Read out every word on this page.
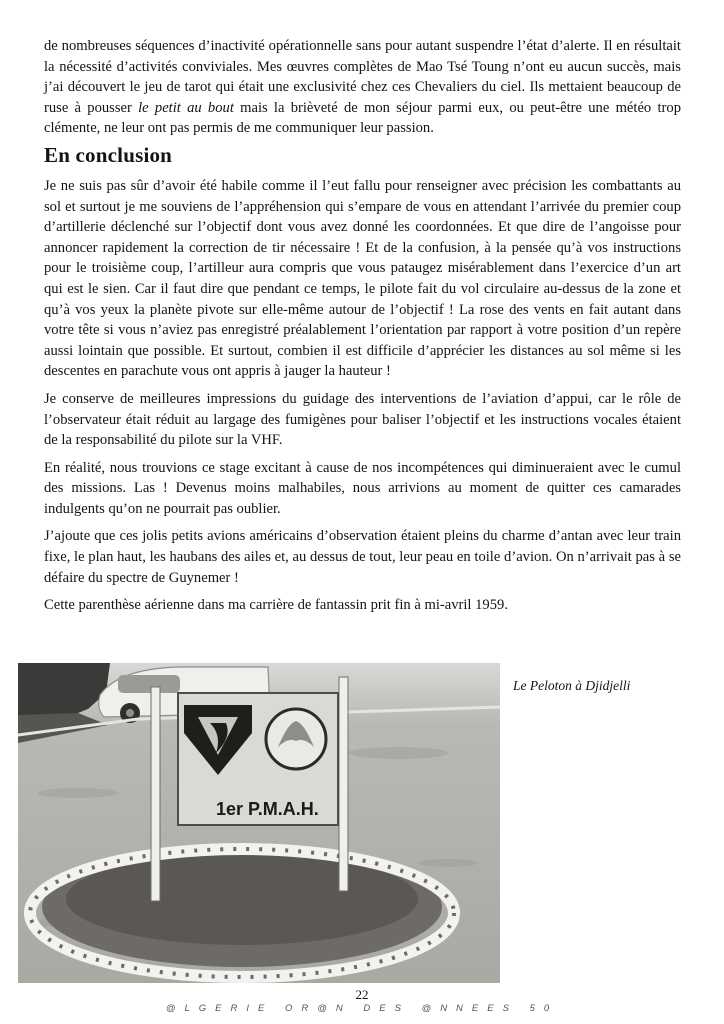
de nombreuses séquences d’inactivité opérationnelle sans pour autant suspendre l’état d’alerte. Il en résultait la nécessité d’activités conviviales. Mes œuvres complètes de Mao Tsé Toung n’ont eu aucun succès, mais j’ai découvert le jeu de tarot qui était une exclusivité chez ces Chevaliers du ciel. Ils mettaient beaucoup de ruse à pousser le petit au bout mais la brièveté de mon séjour parmi eux, ou peut-être une météo trop clémente, ne leur ont pas permis de me communiquer leur passion.

En conclusion

Je ne suis pas sûr d’avoir été habile comme il l’eut fallu pour renseigner avec précision les combattants au sol et surtout je me souviens de l’appréhension qui s’empare de vous en attendant l’arrivée du premier coup d’artillerie déclenché sur l’objectif dont vous avez donné les coordonnées. Et que dire de l’angoisse pour annoncer rapidement la correction de tir nécessaire ! Et de la confusion, à la pensée qu’à vos instructions pour le troisième coup, l’artilleur aura compris que vous pataugez misérablement dans l’exercice d’un art qui est le sien. Car il faut dire que pendant ce temps, le pilote fait du vol circulaire au-dessus de la zone et qu’à vos yeux la planète pivote sur elle-même autour de l’objectif ! La rose des vents en fait autant dans votre tête si vous n’aviez pas enregistré préalablement l’orientation par rapport à votre position d’un repère aussi lointain que possible. Et surtout, combien il est difficile d’apprécier les distances au sol même si les descentes en parachute vous ont appris à jauger la hauteur !

Je conserve de meilleures impressions du guidage des interventions de l’aviation d’appui, car le rôle de l’observateur était réduit au largage des fumigènes pour baliser l’objectif et les instructions vocales étaient de la responsabilité du pilote sur la VHF.

En réalité, nous trouvions ce stage excitant à cause de nos incompétences qui diminueraient avec le cumul des missions. Las ! Devenus moins malhabiles, nous arrivions au moment de quitter ces camarades indulgents qu’on ne pourrait pas oublier.

J’ajoute que ces jolis petits avions américains d’observation étaient pleins du charme d’antan avec leur train fixe, le plan haut, les haubans des ailes et, au dessus de tout, leur peau en toile d’avion. On n’arrivait pas à se défaire du spectre de Guynemer !

Cette parenthèse aérienne dans ma carrière de fantassin prit fin à mi-avril 1959.

1er P.M.A.H.
Le Peloton à Djidjelli
22
@LGERIE OR@N DES @NNEES 50
